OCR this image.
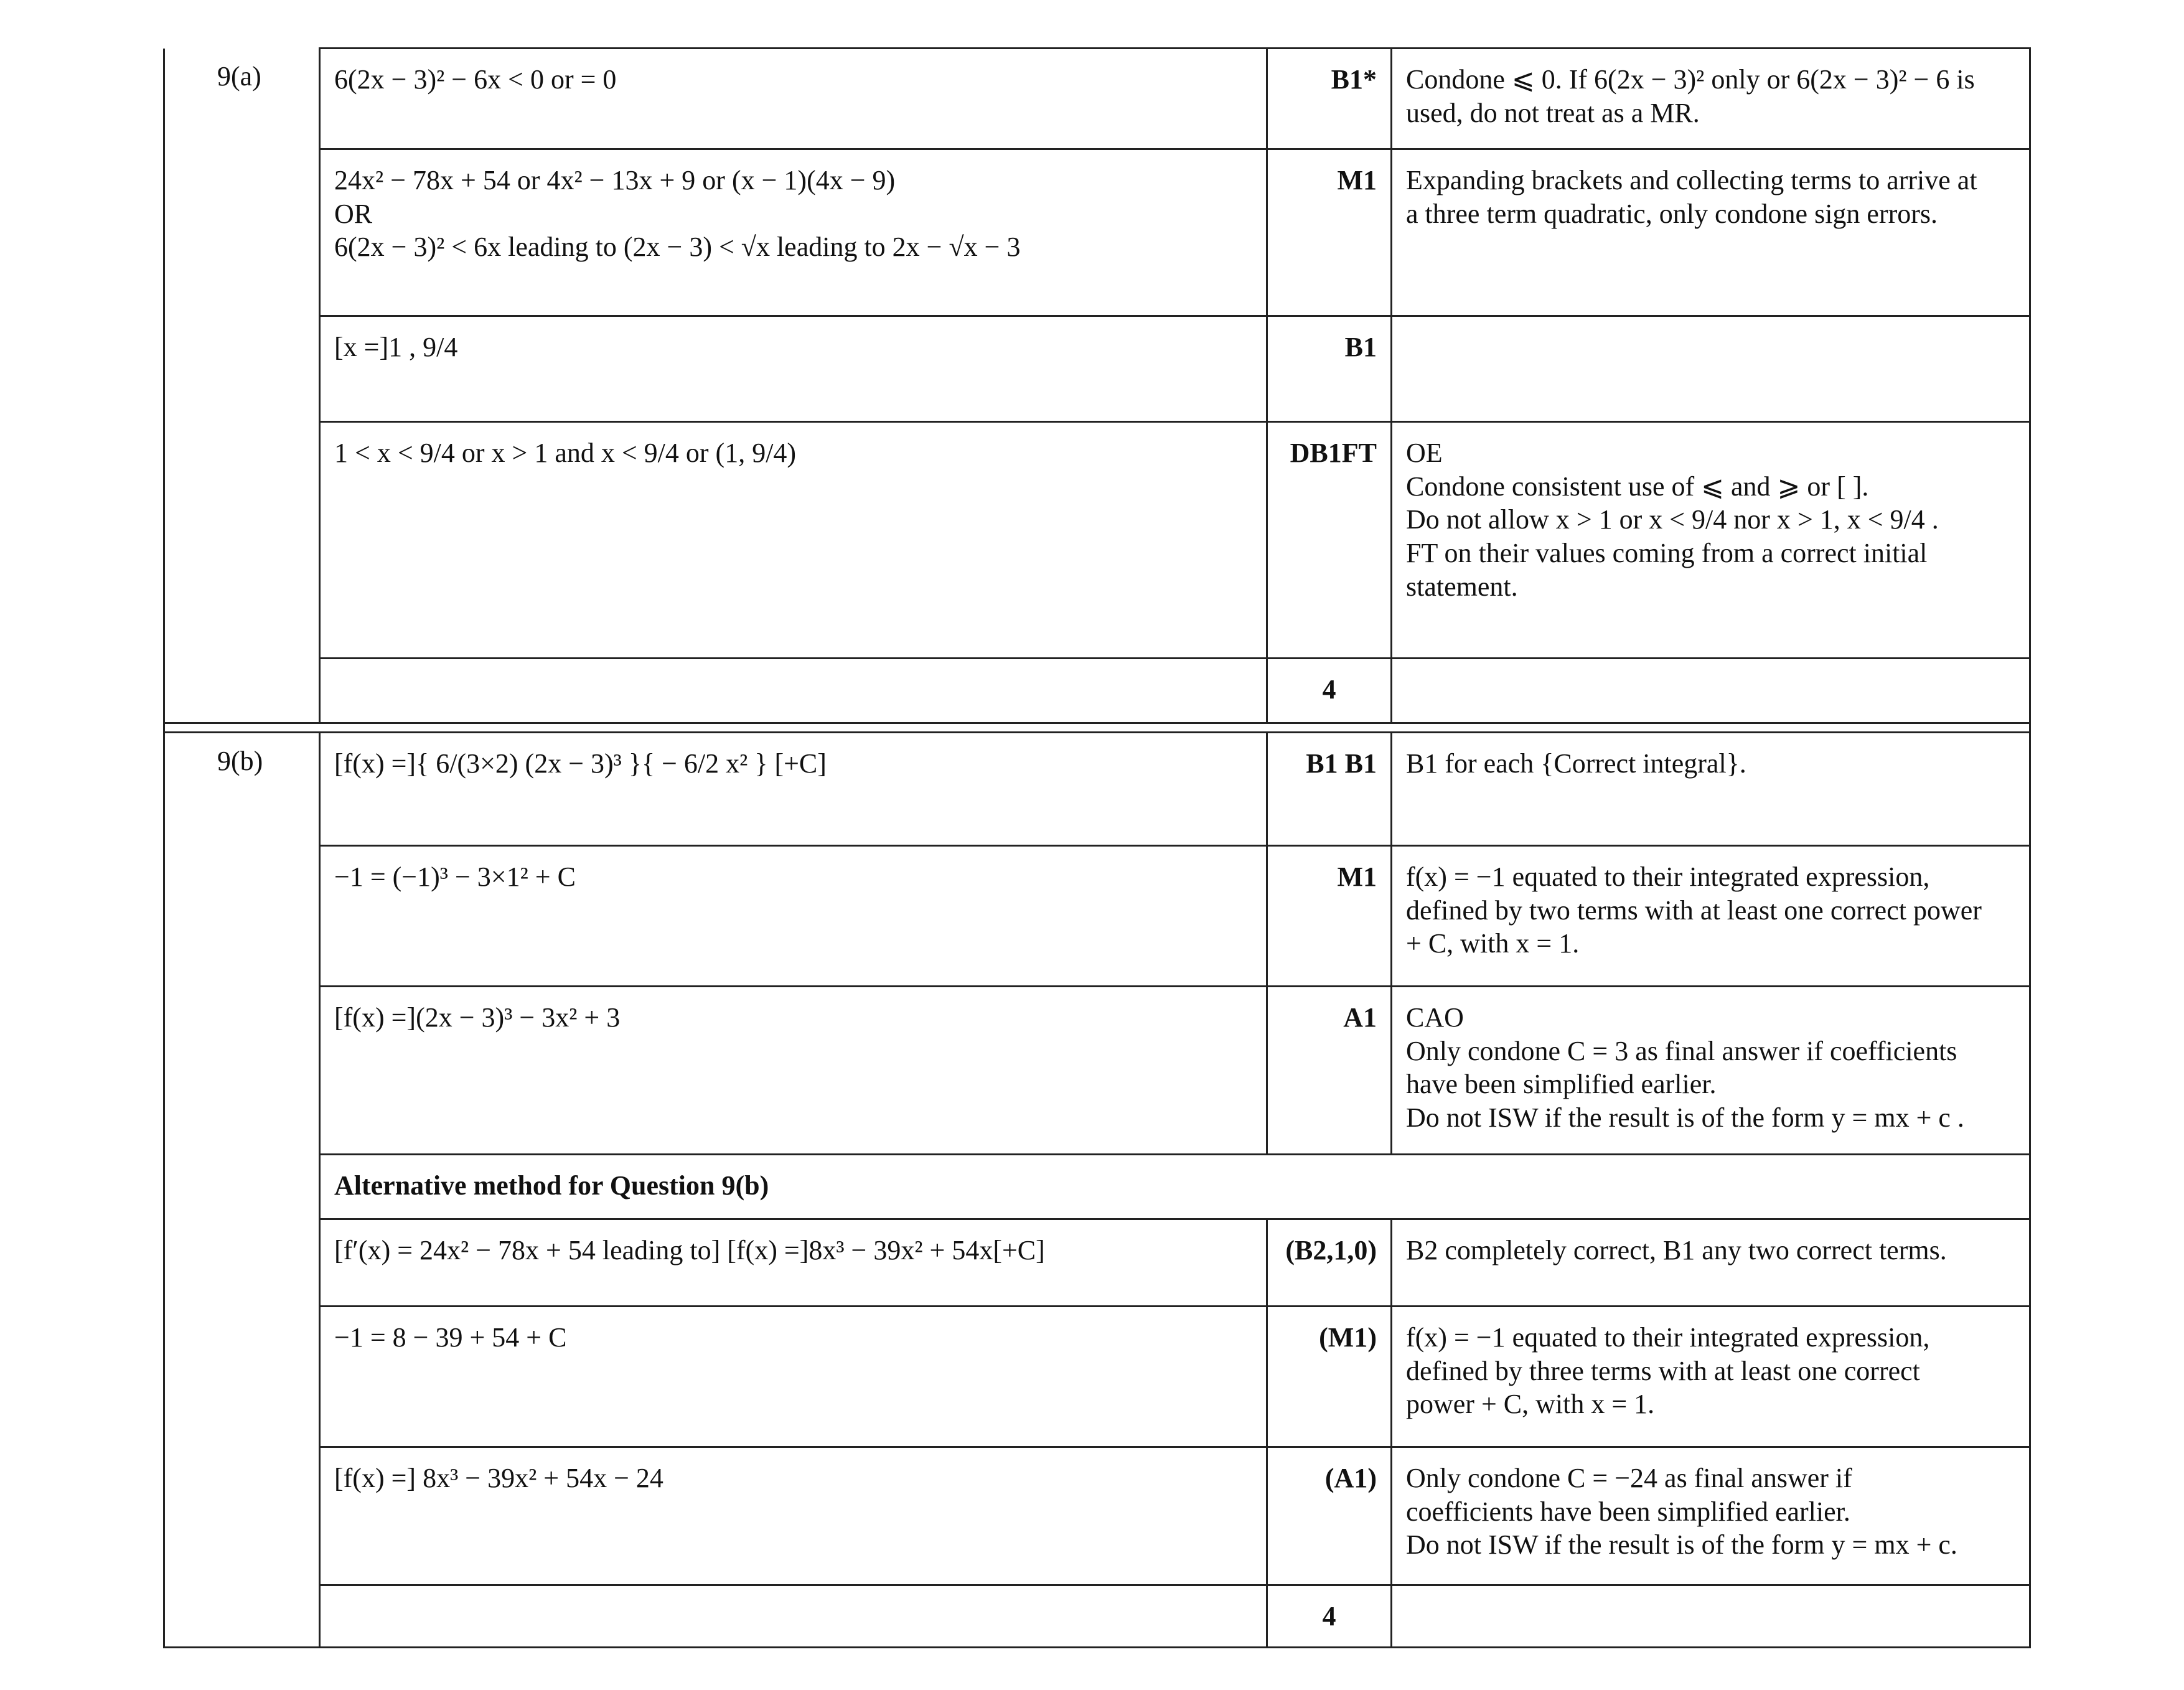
9(a)	6(2x − 3)² − 6x < 0 or = 0	B1*	Condone ⩽ 0. If 6(2x − 3)² only or 6(2x − 3)² − 6 is
used, do not treat as a MR.

	24x² − 78x + 54 or 4x² − 13x + 9 or (x − 1)(4x − 9)
OR
6(2x − 3)² < 6x leading to (2x − 3) < √x leading to 2x − √x − 3	M1	Expanding brackets and collecting terms to arrive at
a three term quadratic, only condone sign errors.

	[x =]1 , 9/4	B1	

	1 < x < 9/4 or x > 1 and x < 9/4 or (1, 9/4)	DB1FT	OE
Condone consistent use of ⩽ and ⩾ or [ ].
Do not allow x > 1 or x < 9/4 nor x > 1, x < 9/4 .
FT on their values coming from a correct initial
statement.

		4	

9(b)	[f(x) =]{ 6/(3×2) (2x − 3)³ }{ − 6/2 x² } [+C]	B1 B1	B1 for each {Correct integral}.

	−1 = (−1)³ − 3×1² + C	M1	f(x) = −1 equated to their integrated expression,
defined by two terms with at least one correct power
+ C, with x = 1.

	[f(x) =](2x − 3)³ − 3x² + 3	A1	CAO
Only condone C = 3 as final answer if coefficients
have been simplified earlier.
Do not ISW if the result is of the form y = mx + c .

	Alternative method for Question 9(b)		

	[f′(x) = 24x² − 78x + 54 leading to] [f(x) =]8x³ − 39x² + 54x[+C]	(B2,1,0)	B2 completely correct, B1 any two correct terms.

	−1 = 8 − 39 + 54 + C	(M1)	f(x) = −1 equated to their integrated expression,
defined by three terms with at least one correct
power + C, with x = 1.

	[f(x) =] 8x³ − 39x² + 54x − 24	(A1)	Only condone C = −24 as final answer if
coefficients have been simplified earlier.
Do not ISW if the result is of the form y = mx + c.

		4	
